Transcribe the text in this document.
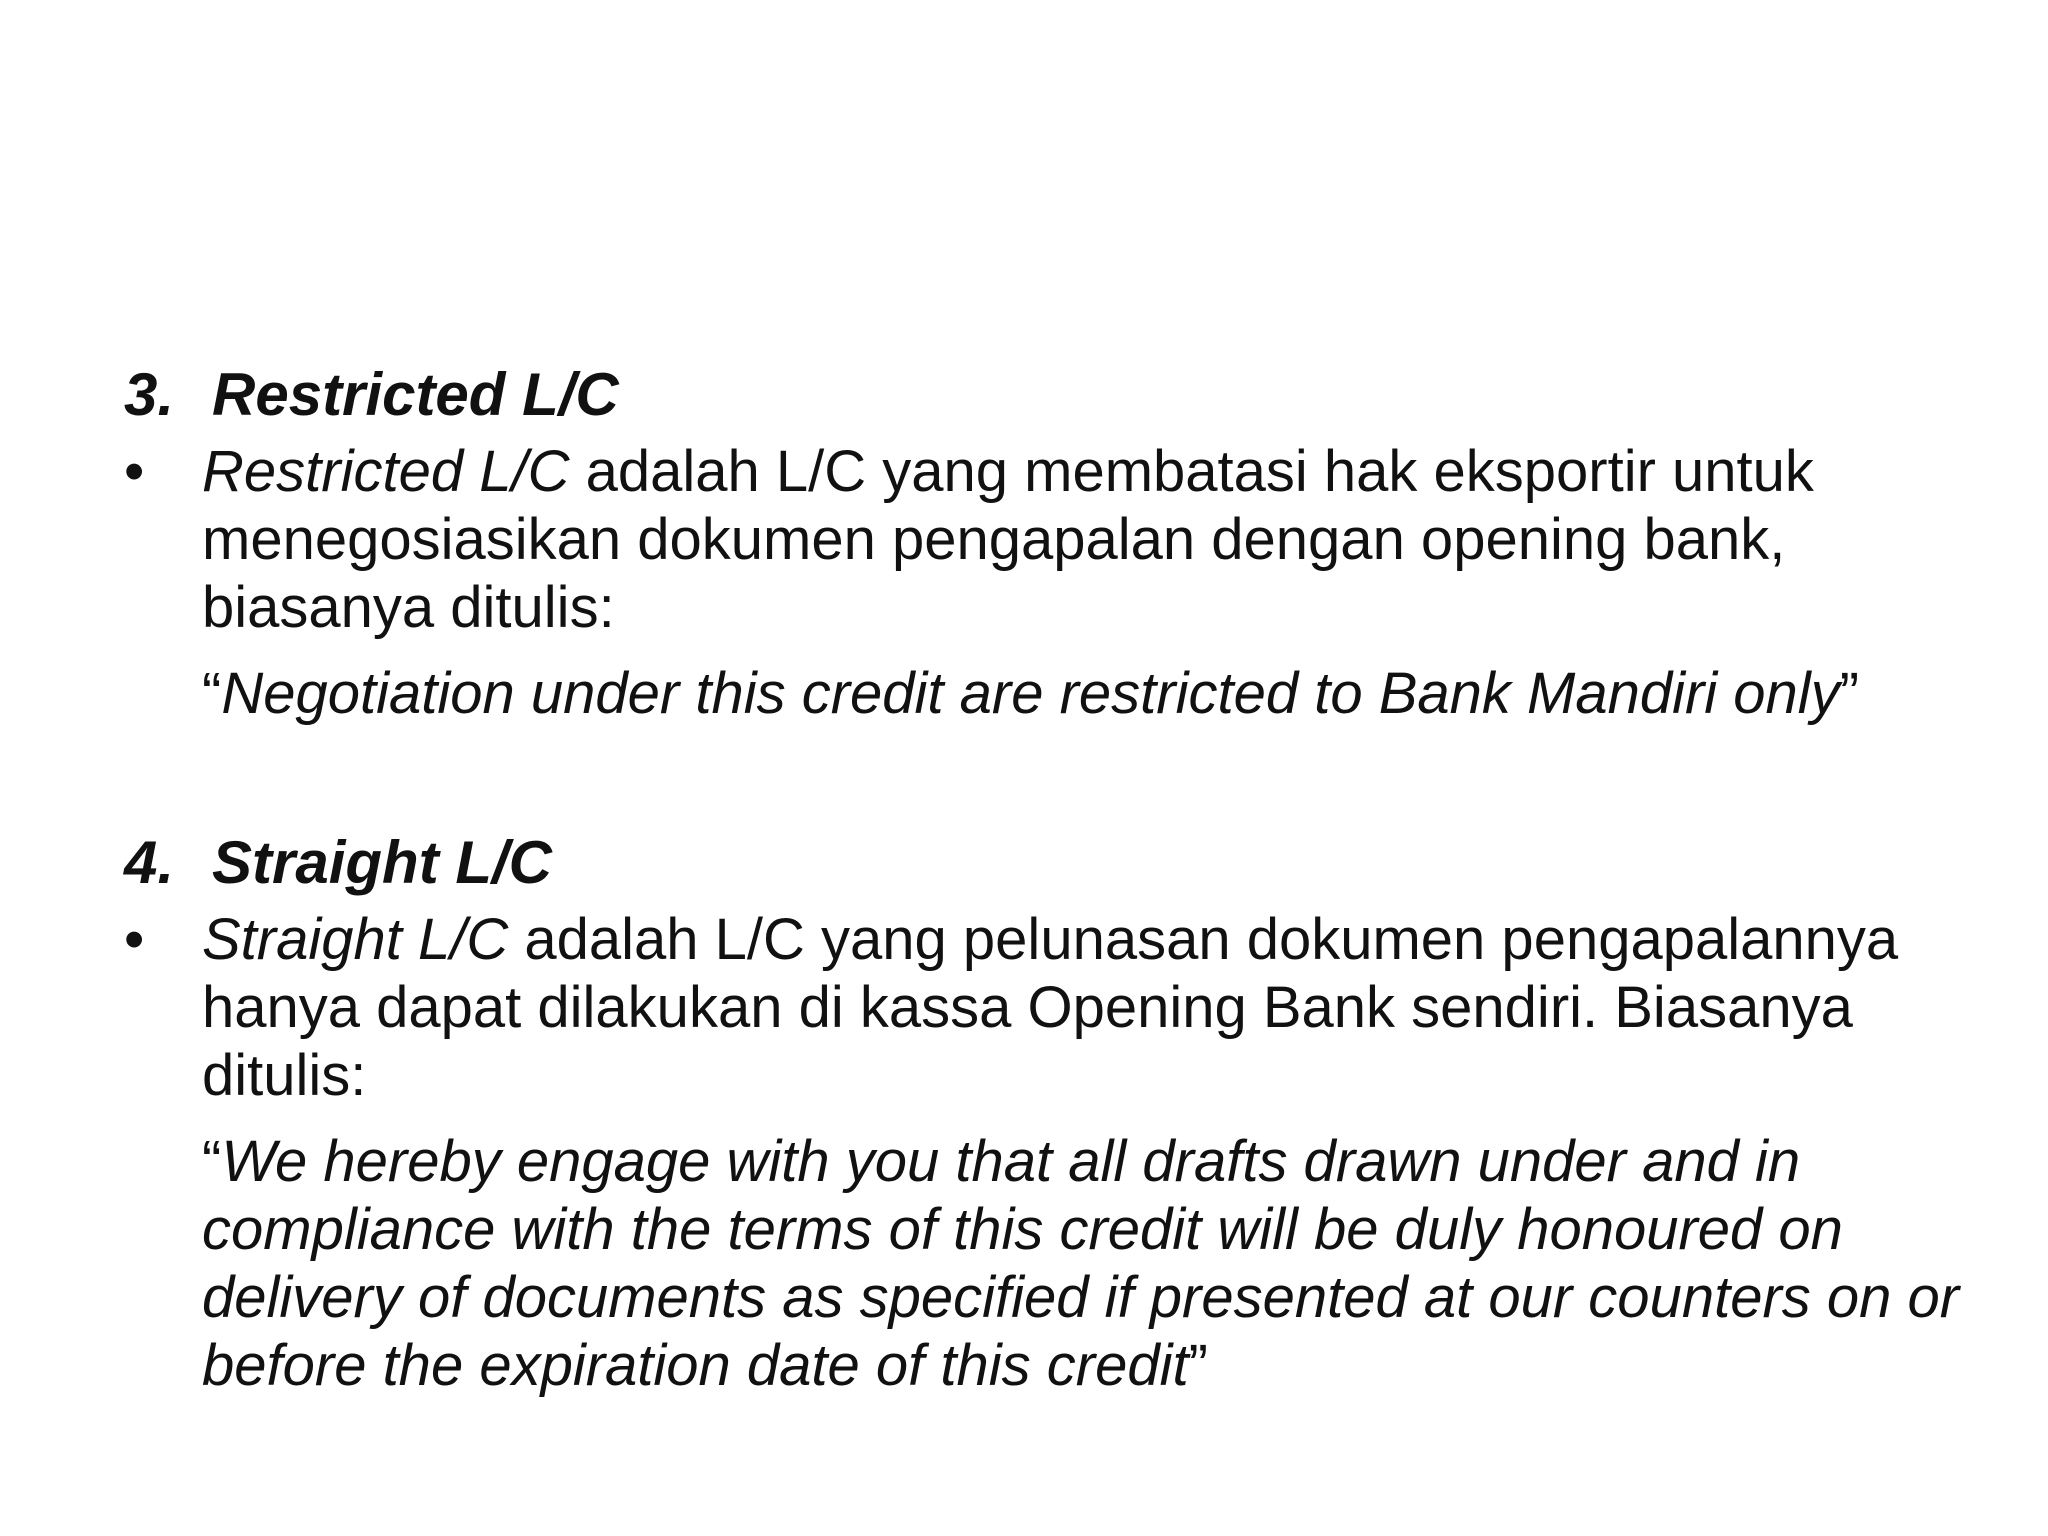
3. Restricted L/C
• Restricted L/C adalah L/C yang membatasi hak eksportir untuk menegosiasikan dokumen pengapalan dengan opening bank, biasanya ditulis:
“Negotiation under this credit are restricted to Bank Mandiri only”
4. Straight L/C
• Straight L/C adalah L/C yang pelunasan dokumen pengapalannya hanya dapat dilakukan di kassa Opening Bank sendiri. Biasanya ditulis:
“We hereby engage with you that all drafts drawn under and in compliance with the terms of this credit will be duly honoured on delivery of documents as specified if presented at our counters on or before the expiration date of this credit”
